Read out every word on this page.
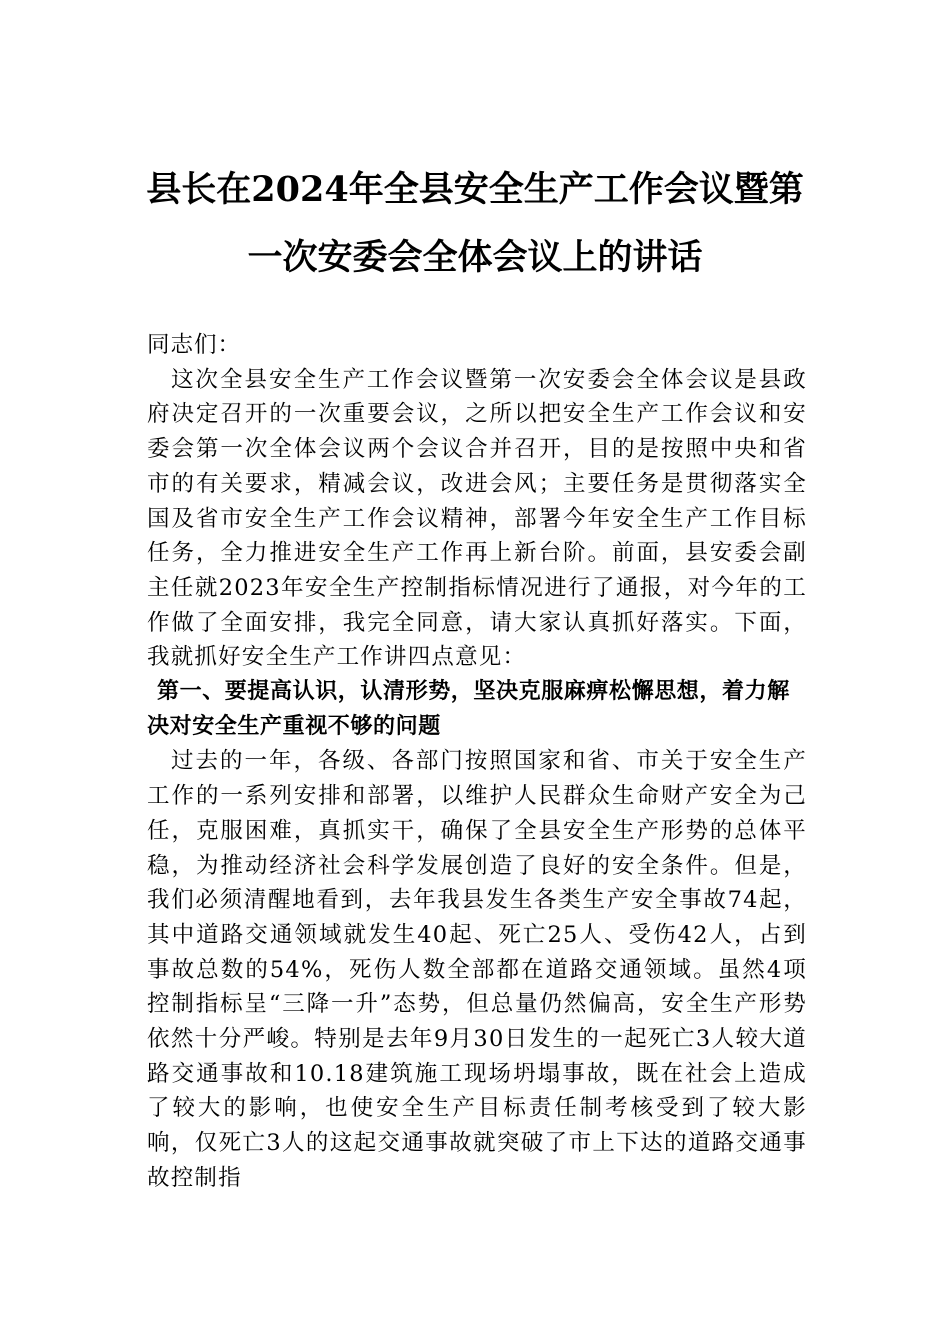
县长在2024年全县安全生产工作会议暨第
一次安委会全体会议上的讲话

同志们：

这次全县安全生产工作会议暨第一次安委会全体会议是县政府决定召开的一次重要会议，之所以把安全生产工作会议和安委会第一次全体会议两个会议合并召开，目的是按照中央和省市的有关要求，精减会议，改进会风；主要任务是贯彻落实全国及省市安全生产工作会议精神，部署今年安全生产工作目标任务，全力推进安全生产工作再上新台阶。前面，县安委会副主任就2023年安全生产控制指标情况进行了通报，对今年的工作做了全面安排，我完全同意，请大家认真抓好落实。下面，我就抓好安全生产工作讲四点意见：

第一、要提高认识，认清形势，坚决克服麻痹松懈思想，着力解决对安全生产重视不够的问题

过去的一年，各级、各部门按照国家和省、市关于安全生产工作的一系列安排和部署，以维护人民群众生命财产安全为己任，克服困难，真抓实干，确保了全县安全生产形势的总体平稳，为推动经济社会科学发展创造了良好的安全条件。但是，我们必须清醒地看到，去年我县发生各类生产安全事故74起，其中道路交通领域就发生40起、死亡25人、受伤42人，占到事故总数的54%，死伤人数全部都在道路交通领域。虽然4项控制指标呈“三降一升”态势，但总量仍然偏高，安全生产形势依然十分严峻。特别是去年9月30日发生的一起死亡3人较大道路交通事故和10.18建筑施工现场坍塌事故，既在社会上造成了较大的影响，也使安全生产目标责任制考核受到了较大影响，仅死亡3人的这起交通事故就突破了市上下达的道路交通事故控制指
